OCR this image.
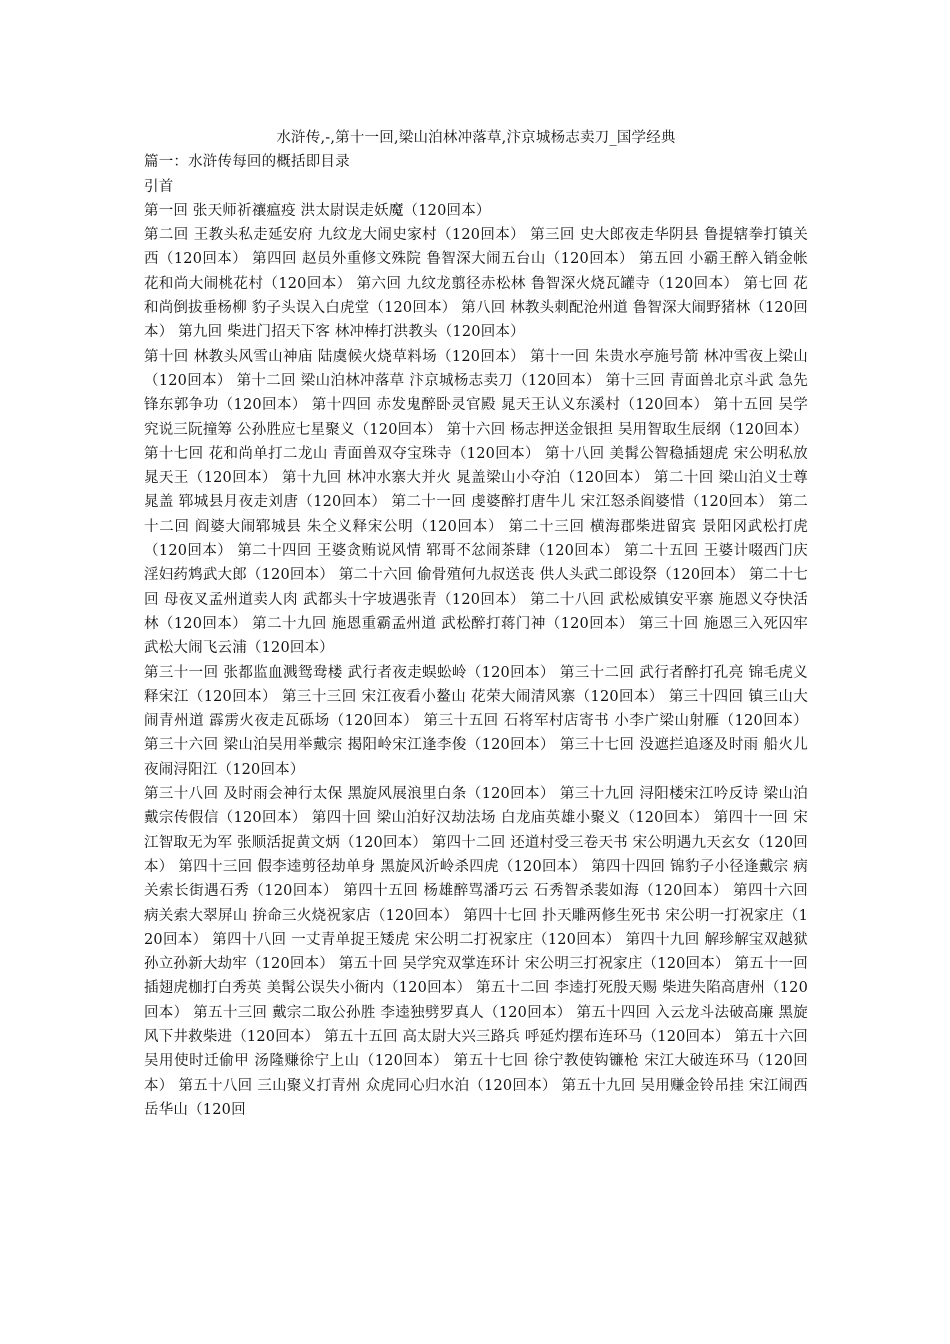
水浒传,-,第十一回,梁山泊林冲落草,汴京城杨志卖刀_国学经典

篇一：水浒传每回的概括即目录

引首

第一回 张天师祈禳瘟疫 洪太尉误走妖魔（120回本）

第二回 王教头私走延安府 九纹龙大闹史家村（120回本） 第三回 史大郎夜走华阴县 鲁提辖拳打镇关西（120回本） 第四回 赵员外重修文殊院 鲁智深大闹五台山（120回本） 第五回 小霸王醉入销金帐 花和尚大闹桃花村（120回本） 第六回 九纹龙翦径赤松林 鲁智深火烧瓦罐寺（120回本） 第七回 花和尚倒拔垂杨柳 豹子头误入白虎堂（120回本） 第八回 林教头刺配沧州道 鲁智深大闹野猪林（120回本） 第九回 柴进门招天下客 林冲棒打洪教头（120回本）

第十回 林教头风雪山神庙 陆虞候火烧草料场（120回本） 第十一回 朱贵水亭施号箭 林冲雪夜上梁山（120回本） 第十二回 梁山泊林冲落草 汴京城杨志卖刀（120回本） 第十三回 青面兽北京斗武 急先锋东郭争功（120回本） 第十四回 赤发鬼醉卧灵官殿 晁天王认义东溪村（120回本） 第十五回 吴学究说三阮撞筹 公孙胜应七星聚义（120回本） 第十六回 杨志押送金银担 吴用智取生辰纲（120回本） 第十七回 花和尚单打二龙山 青面兽双夺宝珠寺（120回本） 第十八回 美髯公智稳插翅虎 宋公明私放晁天王（120回本） 第十九回 林冲水寨大并火 晁盖梁山小夺泊（120回本） 第二十回 梁山泊义士尊晁盖 郓城县月夜走刘唐（120回本） 第二十一回 虔婆醉打唐牛儿 宋江怒杀阎婆惜（120回本） 第二十二回 阎婆大闹郓城县 朱仝义释宋公明（120回本） 第二十三回 横海郡柴进留宾 景阳冈武松打虎（120回本） 第二十四回 王婆贪贿说风情 郓哥不忿闹茶肆（120回本） 第二十五回 王婆计啜西门庆 淫妇药鸩武大郎（120回本） 第二十六回 偷骨殖何九叔送丧 供人头武二郎设祭（120回本） 第二十七回 母夜叉孟州道卖人肉 武都头十字坡遇张青（120回本） 第二十八回 武松威镇安平寨 施恩义夺快活林（120回本） 第二十九回 施恩重霸孟州道 武松醉打蒋门神（120回本） 第三十回 施恩三入死囚牢 武松大闹飞云浦（120回本）

第三十一回 张都监血溅鸳鸯楼 武行者夜走蜈蚣岭（120回本） 第三十二回 武行者醉打孔亮 锦毛虎义释宋江（120回本） 第三十三回 宋江夜看小鳌山 花荣大闹清风寨（120回本） 第三十四回 镇三山大闹青州道 霹雳火夜走瓦砾场（120回本） 第三十五回 石将军村店寄书 小李广梁山射雁（120回本） 第三十六回 梁山泊吴用举戴宗 揭阳岭宋江逢李俊（120回本） 第三十七回 没遮拦追逐及时雨 船火儿夜闹浔阳江（120回本）

第三十八回 及时雨会神行太保 黑旋风展浪里白条（120回本） 第三十九回 浔阳楼宋江吟反诗 梁山泊戴宗传假信（120回本） 第四十回 梁山泊好汉劫法场 白龙庙英雄小聚义（120回本） 第四十一回 宋江智取无为军 张顺活捉黄文炳（120回本） 第四十二回 还道村受三卷天书 宋公明遇九天玄女（120回本） 第四十三回 假李逵剪径劫单身 黑旋风沂岭杀四虎（120回本） 第四十四回 锦豹子小径逢戴宗 病关索长街遇石秀（120回本） 第四十五回 杨雄醉骂潘巧云 石秀智杀裴如海（120回本） 第四十六回 病关索大翠屏山 拚命三火烧祝家店（120回本） 第四十七回 扑天雕两修生死书 宋公明一打祝家庄（120回本） 第四十八回 一丈青单捉王矮虎 宋公明二打祝家庄（120回本） 第四十九回 解珍解宝双越狱 孙立孙新大劫牢（120回本） 第五十回 吴学究双掌连环计 宋公明三打祝家庄（120回本） 第五十一回 插翅虎枷打白秀英 美髯公误失小衙内（120回本） 第五十二回 李逵打死殷天赐 柴进失陷高唐州（120回本） 第五十三回 戴宗二取公孙胜 李逵独劈罗真人（120回本） 第五十四回 入云龙斗法破高廉 黑旋风下井救柴进（120回本） 第五十五回 高太尉大兴三路兵 呼延灼摆布连环马（120回本） 第五十六回 吴用使时迁偷甲 汤隆赚徐宁上山（120回本） 第五十七回 徐宁教使钩镰枪 宋江大破连环马（120回本） 第五十八回 三山聚义打青州 众虎同心归水泊（120回本） 第五十九回 吴用赚金铃吊挂 宋江闹西岳华山（120回
